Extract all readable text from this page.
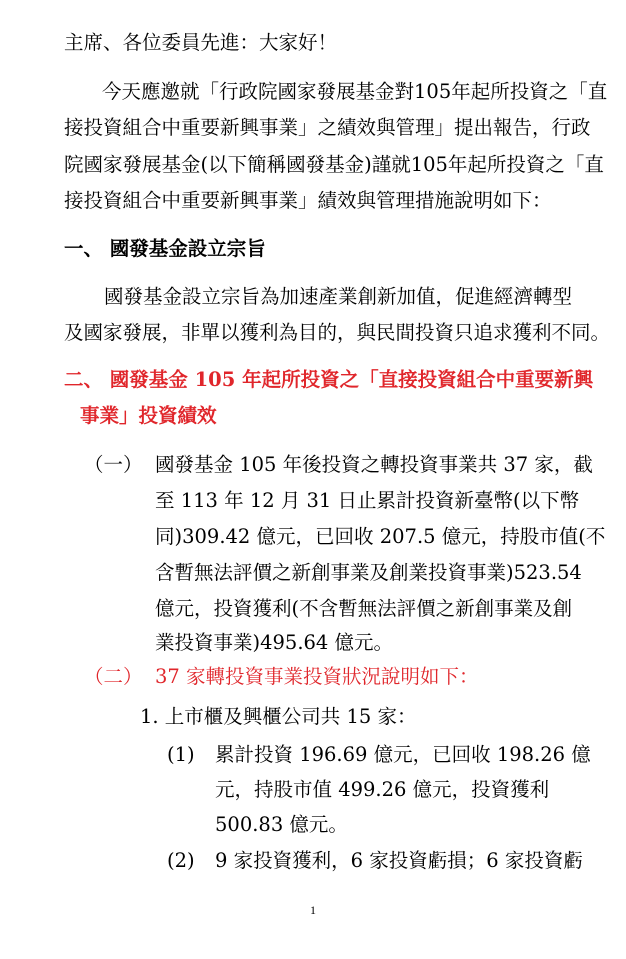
主席、各位委員先進：大家好！
今天應邀就「行政院國家發展基金對105年起所投資之「直
接投資組合中重要新興事業」之績效與管理」提出報告，行政
院國家發展基金(以下簡稱國發基金)謹就105年起所投資之「直
接投資組合中重要新興事業」績效與管理措施說明如下：
一、 國發基金設立宗旨
國發基金設立宗旨為加速產業創新加值，促進經濟轉型
及國家發展，非單以獲利為目的，與民間投資只追求獲利不同。
二、 國發基金 105 年起所投資之「直接投資組合中重要新興
事業」投資績效
（一） 國發基金 105 年後投資之轉投資事業共 37 家，截
至 113 年 12 月 31 日止累計投資新臺幣(以下幣
同)309.42 億元，已回收 207.5 億元，持股市值(不
含暫無法評價之新創事業及創業投資事業)523.54
億元，投資獲利(不含暫無法評價之新創事業及創
業投資事業)495.64 億元。
（二） 37 家轉投資事業投資狀況說明如下：
1. 上市櫃及興櫃公司共 15 家：
(1) 累計投資 196.69 億元，已回收 198.26 億
元，持股市值 499.26 億元，投資獲利
500.83 億元。
(2) 9 家投資獲利，6 家投資虧損；6 家投資虧
1
